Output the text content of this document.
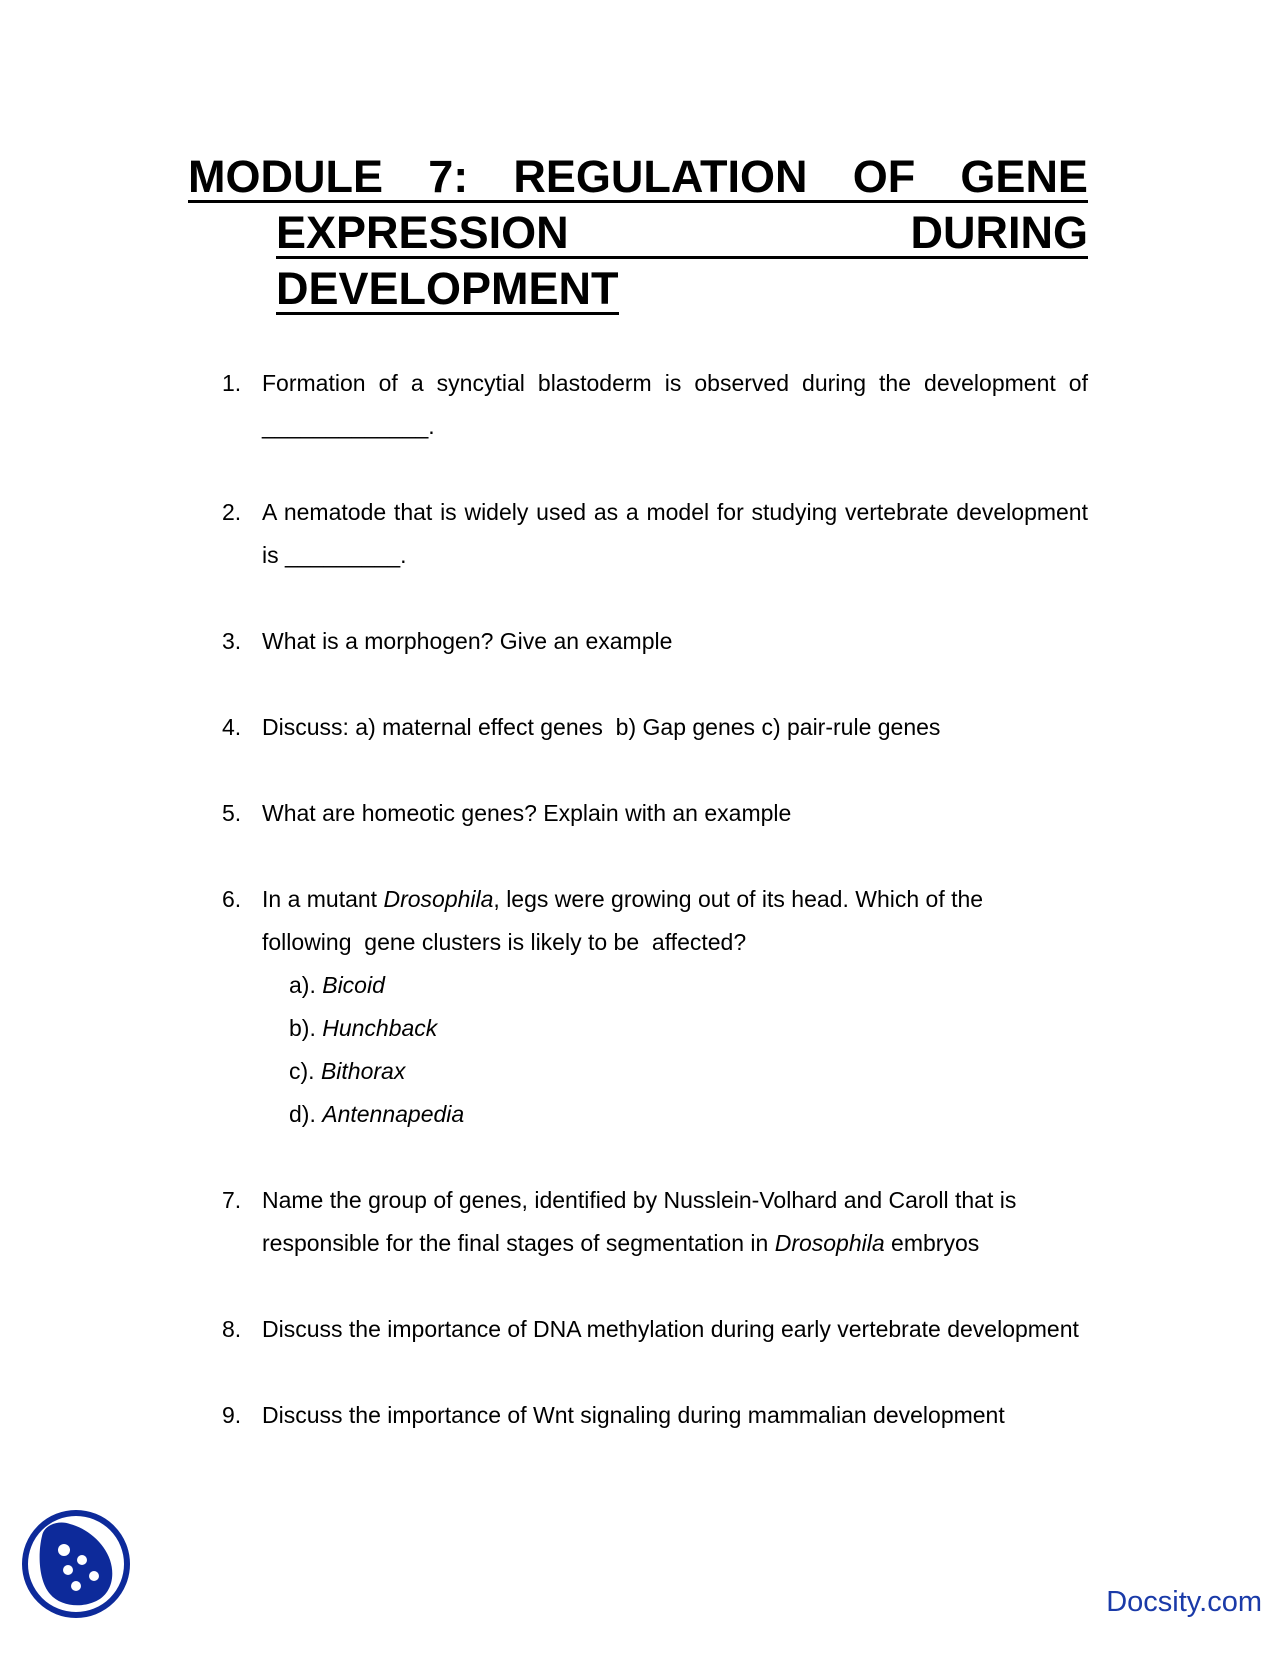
MODULE 7: REGULATION OF GENE
EXPRESSION	DURING
DEVELOPMENT
1. Formation of a syncytial blastoderm is observed during the development of _____________.
2. A nematode that is widely used as a model for studying vertebrate development is _________.
3. What is a morphogen? Give an example
4. Discuss: a) maternal effect genes  b) Gap genes c) pair-rule genes
5. What are homeotic genes? Explain with an example
6. In a mutant Drosophila, legs were growing out of its head. Which of the following  gene clusters is likely to be  affected?
a). Bicoid
b). Hunchback
c). Bithorax
d). Antennapedia
7. Name the group of genes, identified by Nusslein-Volhard and Caroll that is responsible for the final stages of segmentation in Drosophila embryos
8. Discuss the importance of DNA methylation during early vertebrate development
9. Discuss the importance of Wnt signaling during mammalian development
Docsity.com
